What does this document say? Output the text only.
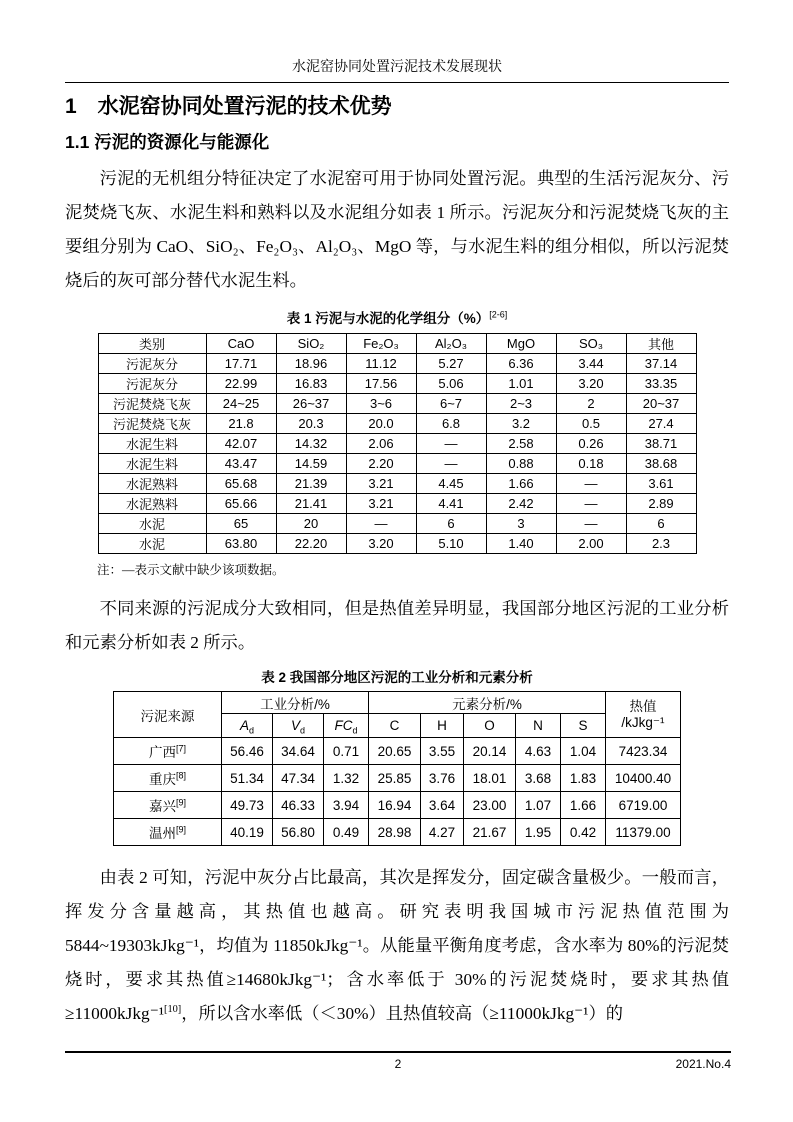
水泥窑协同处置污泥技术发展现状
1　水泥窑协同处置污泥的技术优势
1.1 污泥的资源化与能源化
污泥的无机组分特征决定了水泥窑可用于协同处置污泥。典型的生活污泥灰分、污泥焚烧飞灰、水泥生料和熟料以及水泥组分如表 1 所示。污泥灰分和污泥焚烧飞灰的主要组分别为 CaO、SiO₂、Fe₂O₃、Al₂O₃、MgO 等，与水泥生料的组分相似，所以污泥焚烧后的灰可部分替代水泥生料。
表 1 污泥与水泥的化学组分（%）[2-6]
类别	CaO	SiO₂	Fe₂O₃	Al₂O₃	MgO	SO₃	其他
污泥灰分	17.71	18.96	11.12	5.27	6.36	3.44	37.14
污泥灰分	22.99	16.83	17.56	5.06	1.01	3.20	33.35
污泥焚烧飞灰	24~25	26~37	3~6	6~7	2~3	2	20~37
污泥焚烧飞灰	21.8	20.3	20.0	6.8	3.2	0.5	27.4
水泥生料	42.07	14.32	2.06	—	2.58	0.26	38.71
水泥生料	43.47	14.59	2.20	—	0.88	0.18	38.68
水泥熟料	65.68	21.39	3.21	4.45	1.66	—	3.61
水泥熟料	65.66	21.41	3.21	4.41	2.42	—	2.89
水泥	65	20	—	6	3	—	6
水泥	63.80	22.20	3.20	5.10	1.40	2.00	2.3
注：—表示文献中缺少该项数据。
不同来源的污泥成分大致相同，但是热值差异明显，我国部分地区污泥的工业分析和元素分析如表 2 所示。
表 2 我国部分地区污泥的工业分析和元素分析
污泥来源	工业分析/%			元素分析/%					热值
/kJkg⁻¹

	$A_d$	$V_d$	$FC_d$	C	H	O	N	S	
广西[7]	56.46	34.64	0.71	20.65	3.55	20.14	4.63	1.04	7423.34
重庆[8]	51.34	47.34	1.32	25.85	3.76	18.01	3.68	1.83	10400.40
嘉兴[9]	49.73	46.33	3.94	16.94	3.64	23.00	1.07	1.66	6719.00
温州[9]	40.19	56.80	0.49	28.98	4.27	21.67	1.95	0.42	11379.00
由表 2 可知，污泥中灰分占比最高，其次是挥发分，固定碳含量极少。一般而言，挥发分含量越高，其热值也越高。研究表明我国城市污泥热值范围为5844~19303kJkg⁻¹，均值为 11850kJkg⁻¹。从能量平衡角度考虑，含水率为 80%的污泥焚烧时，要求其热值≥14680kJkg⁻¹；含水率低于 30%的污泥焚烧时，要求其热值≥11000kJkg⁻¹[10]，所以含水率低（＜30%）且热值较高（≥11000kJkg⁻¹）的
2	2021.No.4
